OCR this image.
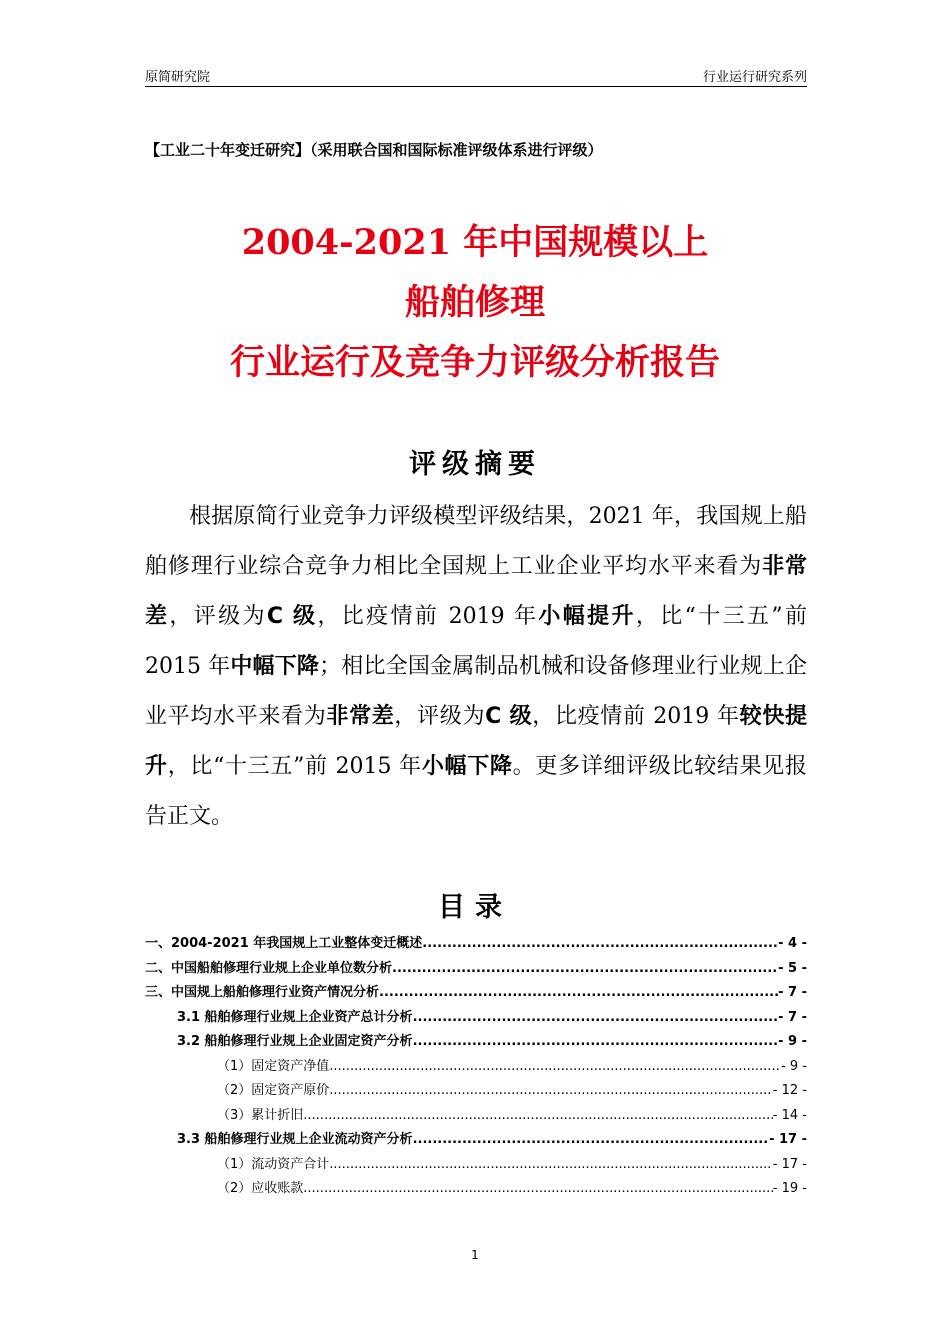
原简研究院	行业运行研究系列
【工业二十年变迁研究】（采用联合国和国际标准评级体系进行评级）
2004-2021 年中国规模以上
船舶修理
行业运行及竞争力评级分析报告
评级摘要
根据原简行业竞争力评级模型评级结果，2021 年，我国规上船舶修理行业综合竞争力相比全国规上工业企业平均水平来看为非常差，评级为C 级，比疫情前 2019 年小幅提升，比“十三五”前 2015 年中幅下降；相比全国金属制品机械和设备修理业行业规上企业平均水平来看为非常差，评级为C 级，比疫情前 2019 年较快提升，比“十三五”前 2015 年小幅下降。更多详细评级比较结果见报告正文。
目录
一、2004-2021 年我国规上工业整体变迁概述 .....	- 4 -
二、中国船舶修理行业规上企业单位数分析 .....	- 5 -
三、中国规上船舶修理行业资产情况分析 .....	- 7 -
3.1 船舶修理行业规上企业资产总计分析 .....	- 7 -
3.2 船舶修理行业规上企业固定资产分析 .....	- 9 -
（1）固定资产净值 .....	- 9 -
（2）固定资产原价 .....	- 12 -
（3）累计折旧 .....	- 14 -
3.3 船舶修理行业规上企业流动资产分析 .....	- 17 -
（1）流动资产合计 .....	- 17 -
（2）应收账款 .....	- 19 -
1
